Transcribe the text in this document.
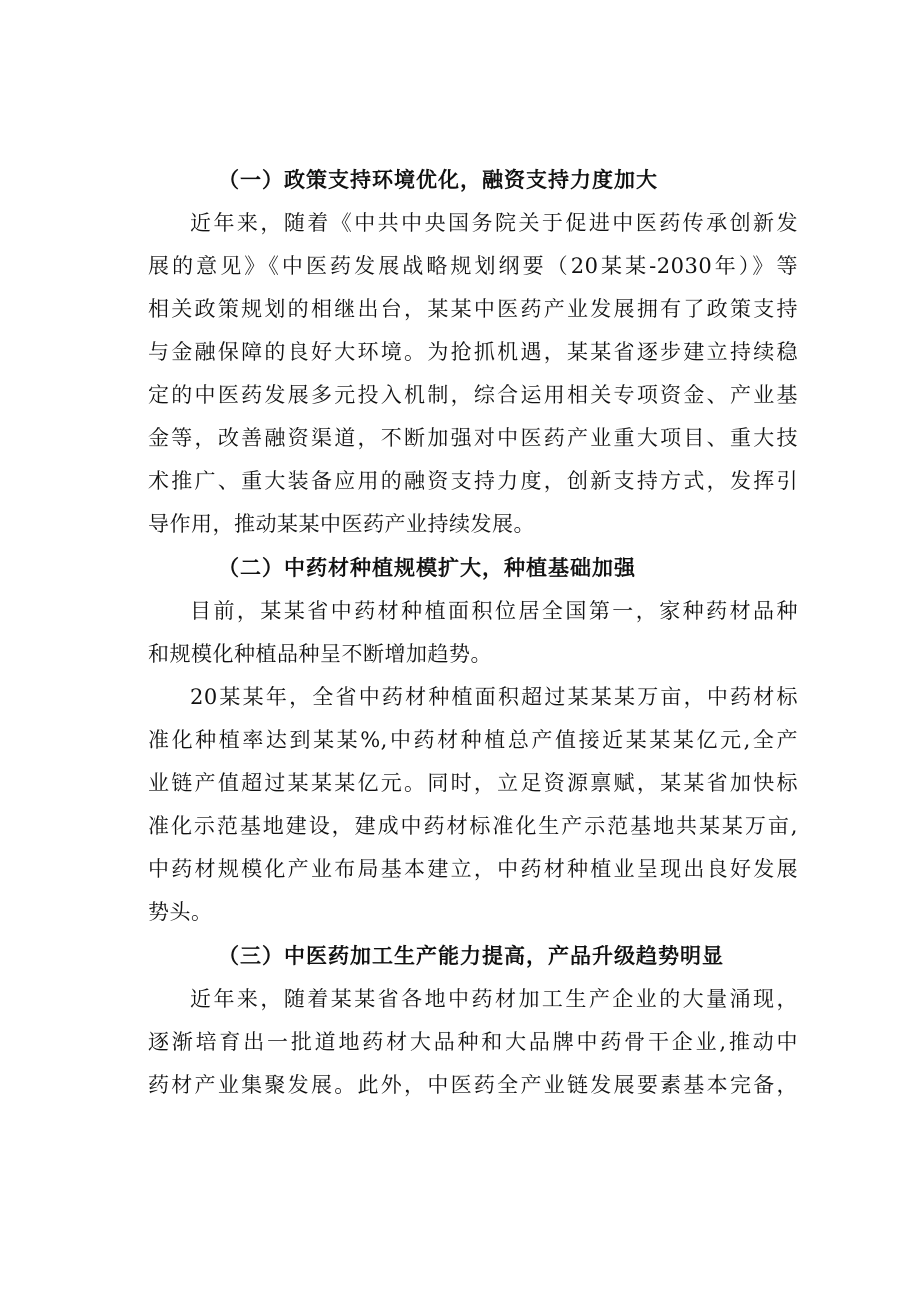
（一）政策支持环境优化，融资支持力度加大
近年来，随着《中共中央国务院关于促进中医药传承创新发
展的意见》《中医药发展战略规划纲要（20某某-2030年）》等
相关政策规划的相继出台，某某中医药产业发展拥有了政策支持
与金融保障的良好大环境。为抢抓机遇，某某省逐步建立持续稳
定的中医药发展多元投入机制，综合运用相关专项资金、产业基
金等，改善融资渠道，不断加强对中医药产业重大项目、重大技
术推广、重大装备应用的融资支持力度，创新支持方式，发挥引
导作用，推动某某中医药产业持续发展。
（二）中药材种植规模扩大，种植基础加强
目前，某某省中药材种植面积位居全国第一，家种药材品种
和规模化种植品种呈不断增加趋势。
20某某年，全省中药材种植面积超过某某某万亩，中药材标
准化种植率达到某某%,中药材种植总产值接近某某某亿元,全产
业链产值超过某某某亿元。同时，立足资源禀赋，某某省加快标
准化示范基地建设，建成中药材标准化生产示范基地共某某万亩,
中药材规模化产业布局基本建立，中药材种植业呈现出良好发展
势头。
（三）中医药加工生产能力提高，产品升级趋势明显
近年来，随着某某省各地中药材加工生产企业的大量涌现，
逐渐培育出一批道地药材大品种和大品牌中药骨干企业,推动中
药材产业集聚发展。此外，中医药全产业链发展要素基本完备，
